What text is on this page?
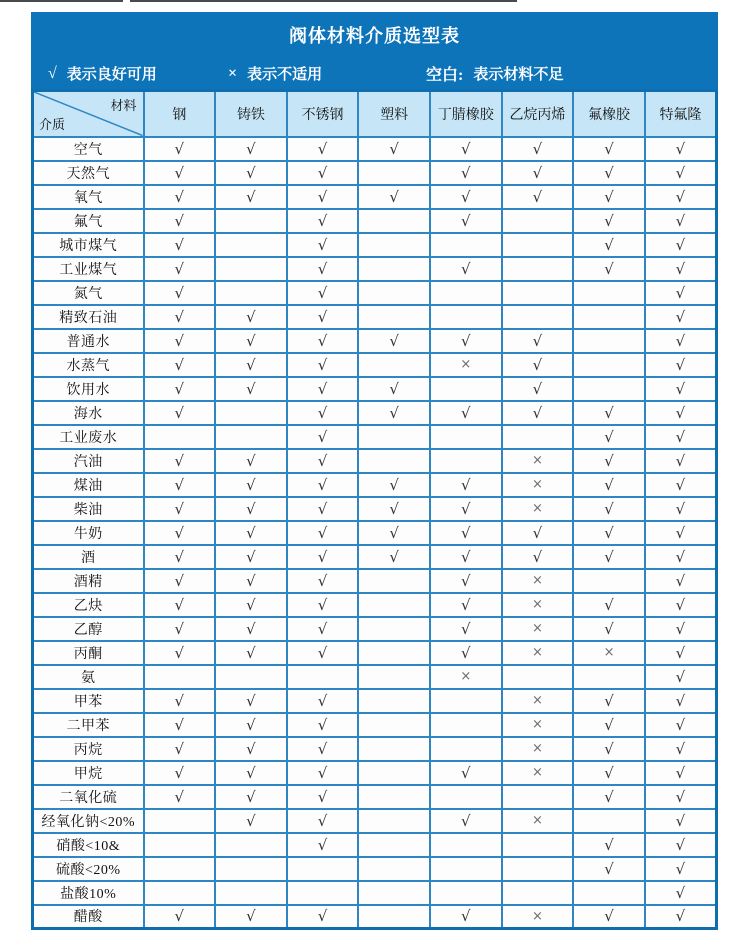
阀体材料介质选型表
√ 表示良好可用	× 表示不适用	空白: 表示材料不足
材料
介质	钢	铸铁	不锈钢	塑料	丁腈橡胶	乙烷丙烯	氟橡胶	特氟隆
空气	√	√	√	√	√	√	√	√
天然气	√	√	√		√	√	√	√
氧气	√	√	√	√	√	√	√	√
氟气	√		√		√		√	√
城市煤气	√		√				√	√
工业煤气	√		√		√		√	√
氮气	√		√					√
精致石油	√	√	√					√
普通水	√	√	√	√	√	√		√
水蒸气	√	√	√		×	√		√
饮用水	√	√	√	√		√		√
海水	√		√	√	√	√	√	√
工业废水			√				√	√
汽油	√	√	√			×	√	√
煤油	√	√	√	√	√	×	√	√
柴油	√	√	√	√	√	×	√	√
牛奶	√	√	√	√	√	√	√	√
酒	√	√	√	√	√	√	√	√
酒精	√	√	√		√	×		√
乙炔	√	√	√		√	×	√	√
乙醇	√	√	√		√	×	√	√
丙酮	√	√	√		√	×	×	√
氨					×			√
甲苯	√	√	√			×	√	√
二甲苯	√	√	√			×	√	√
丙烷	√	√	√			×	√	√
甲烷	√	√	√		√	×	√	√
二氧化硫	√	√	√				√	√
经氧化钠<20%		√	√		√	×		√
硝酸<10&			√				√	√
硫酸<20%							√	√
盐酸10%								√
醋酸	√	√	√		√	×	√	√
